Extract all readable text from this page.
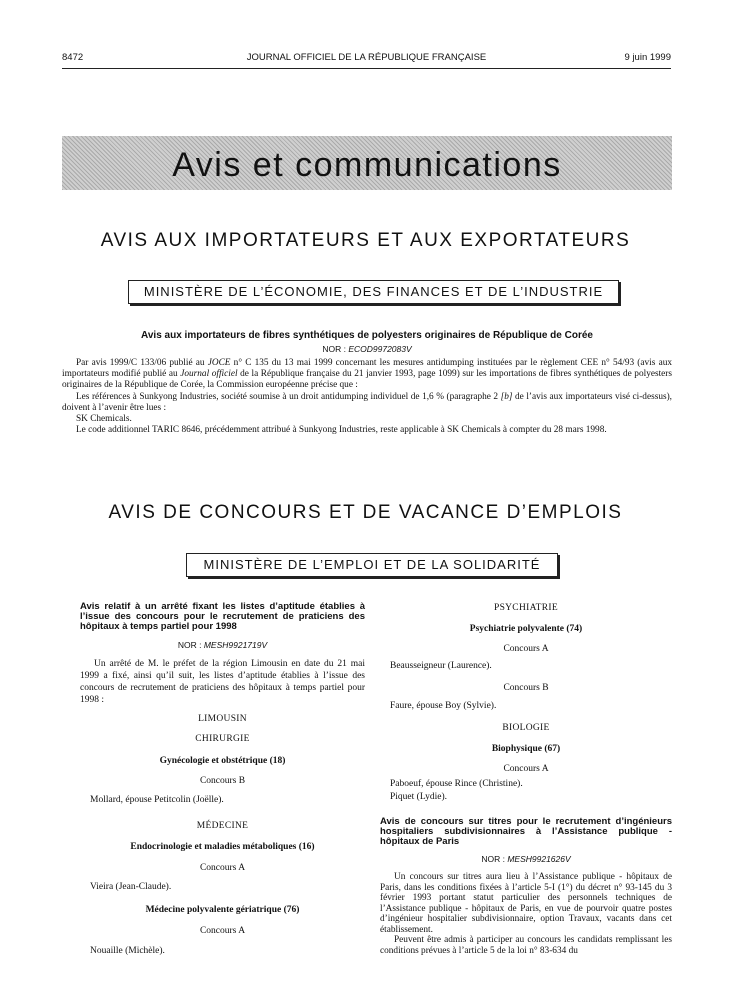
8472	JOURNAL OFFICIEL DE LA RÉPUBLIQUE FRANÇAISE	9 juin 1999
Avis et communications
AVIS AUX IMPORTATEURS ET AUX EXPORTATEURS
MINISTÈRE DE L’ÉCONOMIE, DES FINANCES ET DE L’INDUSTRIE
Avis aux importateurs de fibres synthétiques de polyesters originaires de République de Corée
NOR : ECOD9972083V

Par avis 1999/C 133/06 publié au JOCE n° C 135 du 13 mai 1999 concernant les mesures antidumping instituées par le règlement CEE n° 54/93 (avis aux importateurs modifié publié au Journal officiel de la République française du 21 janvier 1993, page 1099) sur les importations de fibres synthétiques de polyesters originaires de la République de Corée, la Commission européenne précise que :

Les références à Sunkyong Industries, société soumise à un droit antidumping individuel de 1,6 % (paragraphe 2 [b] de l’avis aux importateurs visé ci-dessus), doivent à l’avenir être lues :

SK Chemicals.

Le code additionnel TARIC 8646, précédemment attribué à Sunkyong Industries, reste applicable à SK Chemicals à compter du 28 mars 1998.

AVIS DE CONCOURS ET DE VACANCE D’EMPLOIS
MINISTÈRE DE L’EMPLOI ET DE LA SOLIDARITÉ
Avis relatif à un arrêté fixant les listes d’aptitude établies à l’issue des concours pour le recrutement de praticiens des hôpitaux à temps partiel pour 1998
NOR : MESH9921719V

Un arrêté de M. le préfet de la région Limousin en date du 21 mai 1999 a fixé, ainsi qu’il suit, les listes d’aptitude établies à l’issue des concours de recrutement de praticiens des hôpitaux à temps partiel pour 1998 :

LIMOUSIN
CHIRURGIE
Gynécologie et obstétrique (18)
Concours B
Mollard, épouse Petitcolin (Joëlle).
MÉDECINE
Endocrinologie et maladies métaboliques (16)
Concours A
Vieira (Jean-Claude).
Médecine polyvalente gériatrique (76)
Concours A
Nouaille (Michèle).
PSYCHIATRIE
Psychiatrie polyvalente (74)
Concours A
Beausseigneur (Laurence).
Concours B
Faure, épouse Boy (Sylvie).
BIOLOGIE
Biophysique (67)
Concours A
Paboeuf, épouse Rince (Christine).
Piquet (Lydie).
Avis de concours sur titres pour le recrutement d’ingénieurs hospitaliers subdivisionnaires à l’Assistance publique - hôpitaux de Paris
NOR : MESH9921626V

Un concours sur titres aura lieu à l’Assistance publique - hôpitaux de Paris, dans les conditions fixées à l’article 5-I (1°) du décret n° 93-145 du 3 février 1993 portant statut particulier des personnels techniques de l’Assistance publique - hôpitaux de Paris, en vue de pourvoir quatre postes d’ingénieur hospitalier subdivisionnaire, option Travaux, vacants dans cet établissement.

Peuvent être admis à participer au concours les candidats remplissant les conditions prévues à l’article 5 de la loi n° 83-634 du
